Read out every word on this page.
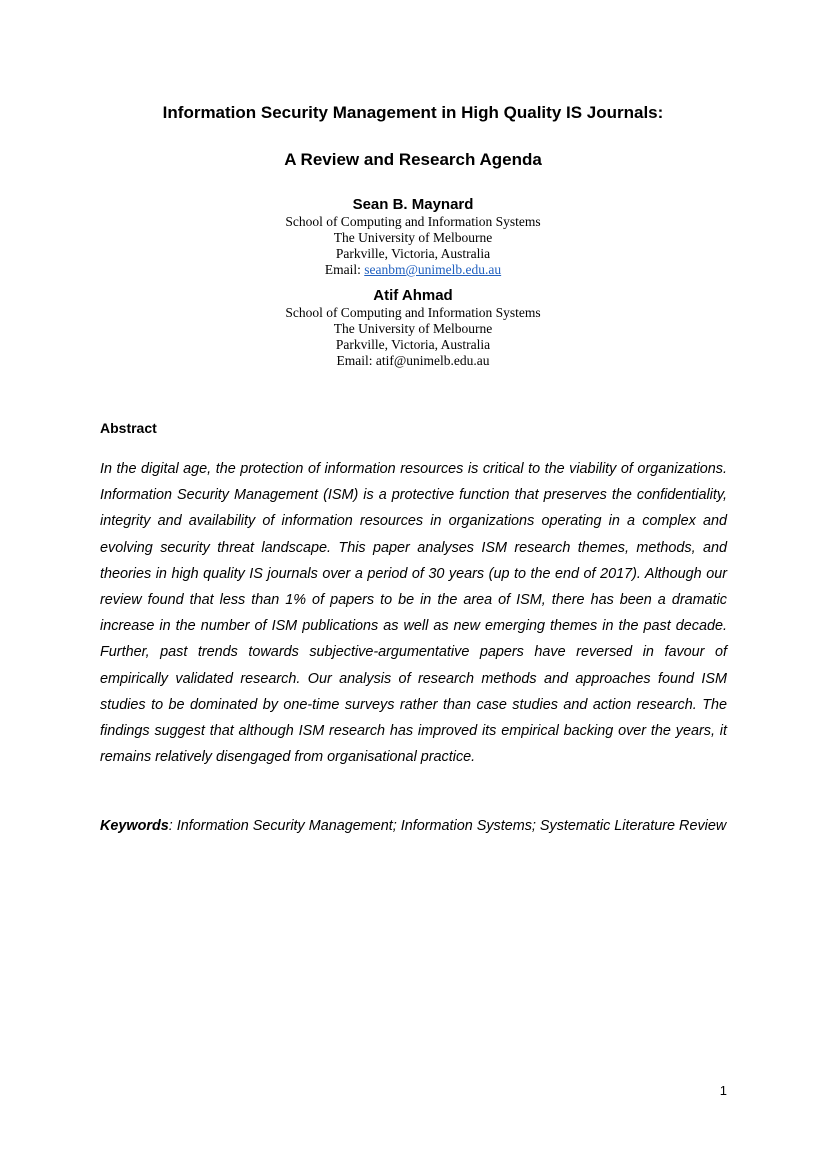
Information Security Management in High Quality IS Journals:
A Review and Research Agenda

Sean B. Maynard

School of Computing and Information Systems

The University of Melbourne

Parkville, Victoria, Australia

Email: seanbm@unimelb.edu.au

Atif Ahmad

School of Computing and Information Systems

The University of Melbourne

Parkville, Victoria, Australia

Email: atif@unimelb.edu.au

Abstract

In the digital age, the protection of information resources is critical to the viability of organizations. Information Security Management (ISM) is a protective function that preserves the confidentiality, integrity and availability of information resources in organizations operating in a complex and evolving security threat landscape. This paper analyses ISM research themes, methods, and theories in high quality IS journals over a period of 30 years (up to the end of 2017). Although our review found that less than 1% of papers to be in the area of ISM, there has been a dramatic increase in the number of ISM publications as well as new emerging themes in the past decade. Further, past trends towards subjective-argumentative papers have reversed in favour of empirically validated research. Our analysis of research methods and approaches found ISM studies to be dominated by one-time surveys rather than case studies and action research. The findings suggest that although ISM research has improved its empirical backing over the years, it remains relatively disengaged from organisational practice.

Keywords: Information Security Management; Information Systems; Systematic Literature Review

1
